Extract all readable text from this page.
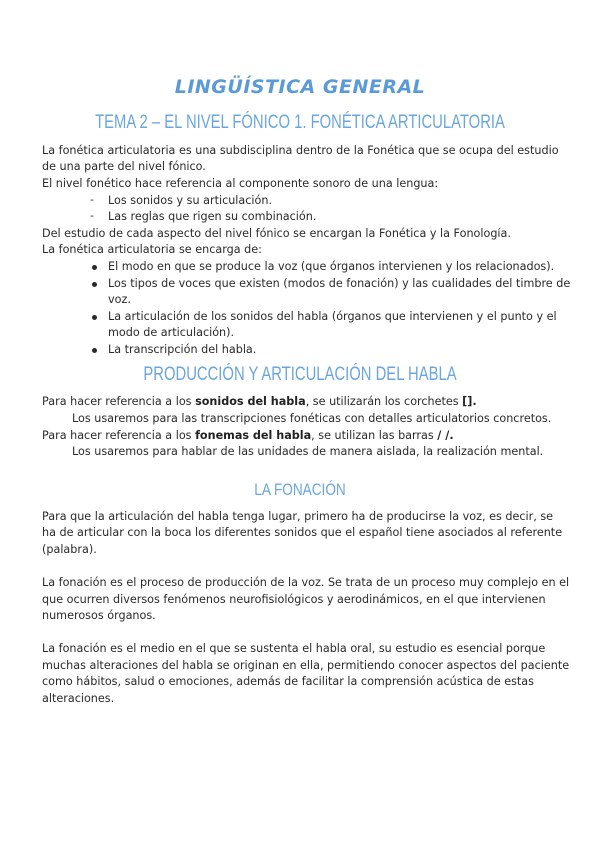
LINGÜÍSTICA GENERAL
TEMA 2 – EL NIVEL FÓNICO 1. FONÉTICA ARTICULATORIA
La fonética articulatoria es una subdisciplina dentro de la Fonética que se ocupa del estudio
de una parte del nivel fónico.
El nivel fonético hace referencia al componente sonoro de una lengua:
- Los sonidos y su articulación.
- Las reglas que rigen su combinación.
Del estudio de cada aspecto del nivel fónico se encargan la Fonética y la Fonología.
La fonética articulatoria se encarga de:
El modo en que se produce la voz (que órganos intervienen y los relacionados).
Los tipos de voces que existen (modos de fonación) y las cualidades del timbre de
voz.
La articulación de los sonidos del habla (órganos que intervienen y el punto y el
modo de articulación).
La transcripción del habla.
PRODUCCIÓN Y ARTICULACIÓN DEL HABLA
Para hacer referencia a los sonidos del habla, se utilizarán los corchetes [].
Los usaremos para las transcripciones fonéticas con detalles articulatorios concretos.
Para hacer referencia a los fonemas del habla, se utilizan las barras / /.
Los usaremos para hablar de las unidades de manera aislada, la realización mental.
LA FONACIÓN
Para que la articulación del habla tenga lugar, primero ha de producirse la voz, es decir, se
ha de articular con la boca los diferentes sonidos que el español tiene asociados al referente
(palabra).
La fonación es el proceso de producción de la voz. Se trata de un proceso muy complejo en el
que ocurren diversos fenómenos neurofisiológicos y aerodinámicos, en el que intervienen
numerosos órganos.
La fonación es el medio en el que se sustenta el habla oral, su estudio es esencial porque
muchas alteraciones del habla se originan en ella, permitiendo conocer aspectos del paciente
como hábitos, salud o emociones, además de facilitar la comprensión acústica de estas
alteraciones.
